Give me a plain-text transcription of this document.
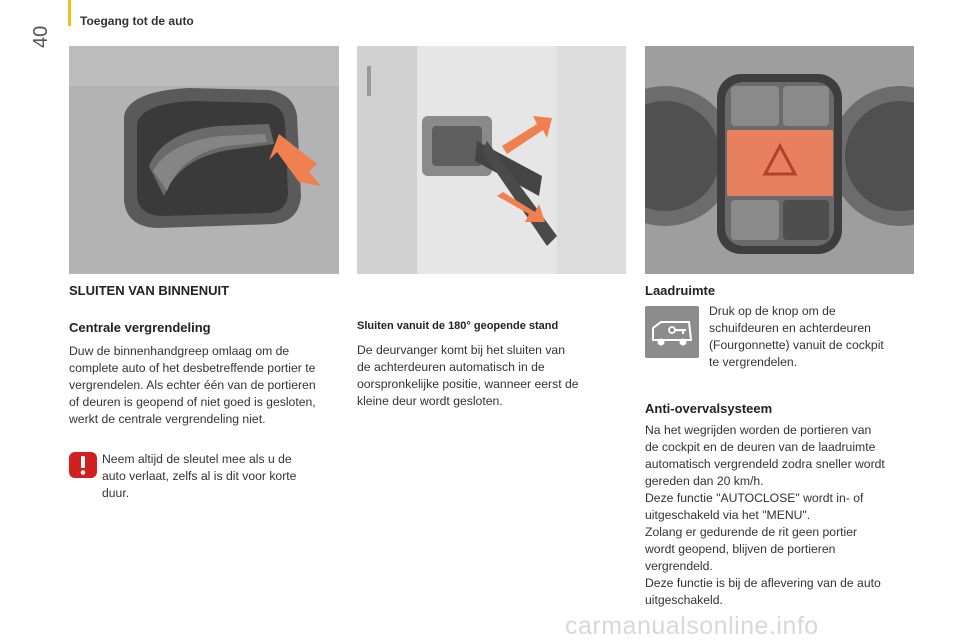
40
Toegang tot de auto
SLUITEN VAN BINNENUIT
Centrale vergrendeling
Duw de binnenhandgreep omlaag om de
complete auto of het desbetreffende portier te
vergrendelen. Als echter één van de portieren
of deuren is geopend of niet goed is gesloten,
werkt de centrale vergrendeling niet.
Neem altijd de sleutel mee als u de
auto verlaat, zelfs al is dit voor korte
duur.
Sluiten vanuit de 180° geopende stand
De deurvanger komt bij het sluiten van
de achterdeuren automatisch in de
oorspronkelijke positie, wanneer eerst de
kleine deur wordt gesloten.
Laadruimte
Druk op de knop om de
schuifdeuren en achterdeuren
(Fourgonnette) vanuit de cockpit
te vergrendelen.
Anti-overvalsysteem
Na het wegrijden worden de portieren van
de cockpit en de deuren van de laadruimte
automatisch vergrendeld zodra sneller wordt
gereden dan 20 km/h.
Deze functie "AUTOCLOSE" wordt in- of
uitgeschakeld via het "MENU".
Zolang er gedurende de rit geen portier
wordt geopend, blijven de portieren
vergrendeld.
Deze functie is bij de aflevering van de auto
uitgeschakeld.
carmanualsonline.info
